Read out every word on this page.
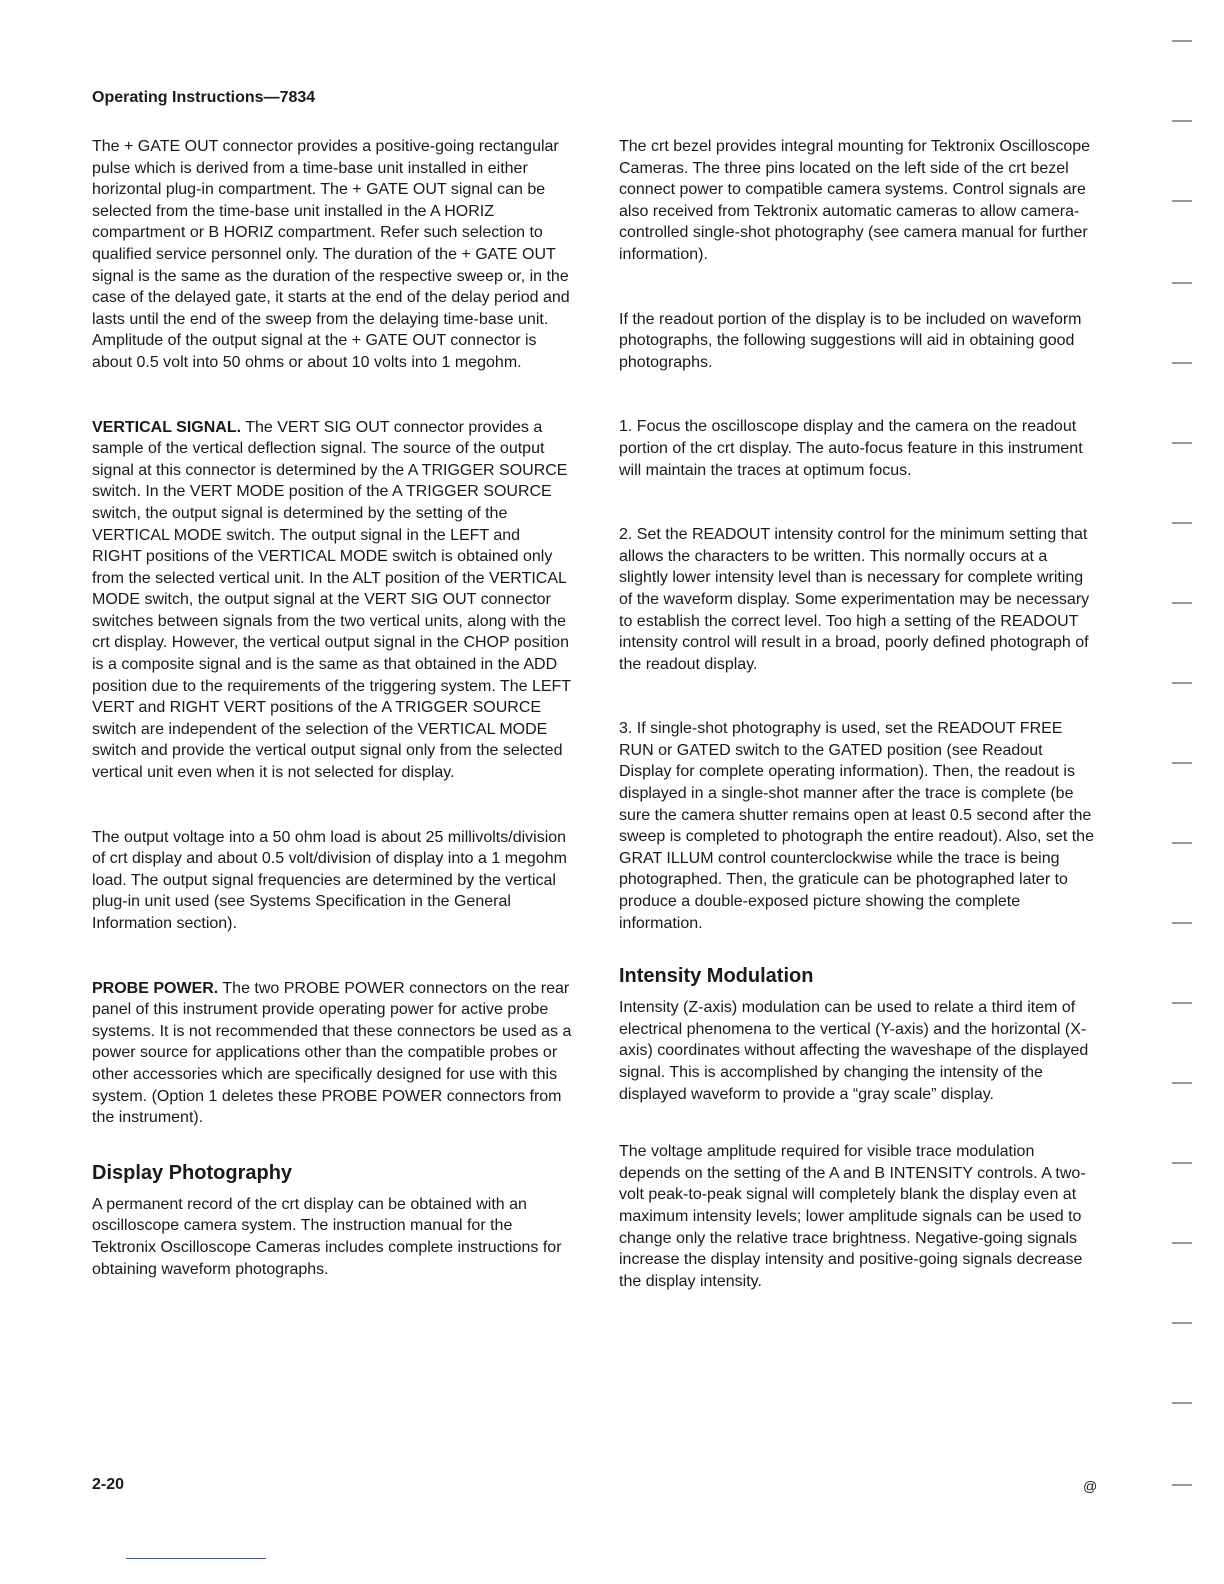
Operating Instructions—7834

The + GATE OUT connector provides a positive-going rectangular pulse which is derived from a time-base unit installed in either horizontal plug-in compartment. The + GATE OUT signal can be selected from the time-base unit installed in the A HORIZ compartment or B HORIZ compartment. Refer such selection to qualified service personnel only. The duration of the + GATE OUT signal is the same as the duration of the respective sweep or, in the case of the delayed gate, it starts at the end of the delay period and lasts until the end of the sweep from the delaying time-base unit. Amplitude of the output signal at the + GATE OUT connector is about 0.5 volt into 50 ohms or about 10 volts into 1 megohm.

VERTICAL SIGNAL. The VERT SIG OUT connector provides a sample of the vertical deflection signal. The source of the output signal at this connector is determined by the A TRIGGER SOURCE switch. In the VERT MODE position of the A TRIGGER SOURCE switch, the output signal is determined by the setting of the VERTICAL MODE switch. The output signal in the LEFT and RIGHT positions of the VERTICAL MODE switch is obtained only from the selected vertical unit. In the ALT position of the VERTICAL MODE switch, the output signal at the VERT SIG OUT connector switches between signals from the two vertical units, along with the crt display. However, the vertical output signal in the CHOP position is a composite signal and is the same as that obtained in the ADD position due to the requirements of the triggering system. The LEFT VERT and RIGHT VERT positions of the A TRIGGER SOURCE switch are independent of the selection of the VERTICAL MODE switch and provide the vertical output signal only from the selected vertical unit even when it is not selected for display.

The output voltage into a 50 ohm load is about 25 millivolts/division of crt display and about 0.5 volt/division of display into a 1 megohm load. The output signal frequencies are determined by the vertical plug-in unit used (see Systems Specification in the General Information section).

PROBE POWER. The two PROBE POWER connectors on the rear panel of this instrument provide operating power for active probe systems. It is not recommended that these connectors be used as a power source for applications other than the compatible probes or other accessories which are specifically designed for use with this system. (Option 1 deletes these PROBE POWER connectors from the instrument).

Display Photography

A permanent record of the crt display can be obtained with an oscilloscope camera system. The instruction manual for the Tektronix Oscilloscope Cameras includes complete instructions for obtaining waveform photographs.

The crt bezel provides integral mounting for Tektronix Oscilloscope Cameras. The three pins located on the left side of the crt bezel connect power to compatible camera systems. Control signals are also received from Tektronix automatic cameras to allow camera-controlled single-shot photography (see camera manual for further information).

If the readout portion of the display is to be included on waveform photographs, the following suggestions will aid in obtaining good photographs.

1. Focus the oscilloscope display and the camera on the readout portion of the crt display. The auto-focus feature in this instrument will maintain the traces at optimum focus.

2. Set the READOUT intensity control for the minimum setting that allows the characters to be written. This normally occurs at a slightly lower intensity level than is necessary for complete writing of the waveform display. Some experimentation may be necessary to establish the correct level. Too high a setting of the READOUT intensity control will result in a broad, poorly defined photograph of the readout display.

3. If single-shot photography is used, set the READOUT FREE RUN or GATED switch to the GATED position (see Readout Display for complete operating information). Then, the readout is displayed in a single-shot manner after the trace is complete (be sure the camera shutter remains open at least 0.5 second after the sweep is completed to photograph the entire readout). Also, set the GRAT ILLUM control counterclockwise while the trace is being photographed. Then, the graticule can be photographed later to produce a double-exposed picture showing the complete information.

Intensity Modulation

Intensity (Z-axis) modulation can be used to relate a third item of electrical phenomena to the vertical (Y-axis) and the horizontal (X-axis) coordinates without affecting the waveshape of the displayed signal. This is accomplished by changing the intensity of the displayed waveform to provide a “gray scale” display.

The voltage amplitude required for visible trace modulation depends on the setting of the A and B INTENSITY controls. A two-volt peak-to-peak signal will completely blank the display even at maximum intensity levels; lower amplitude signals can be used to change only the relative trace brightness. Negative-going signals increase the display intensity and positive-going signals decrease the display intensity.

2-20	@
